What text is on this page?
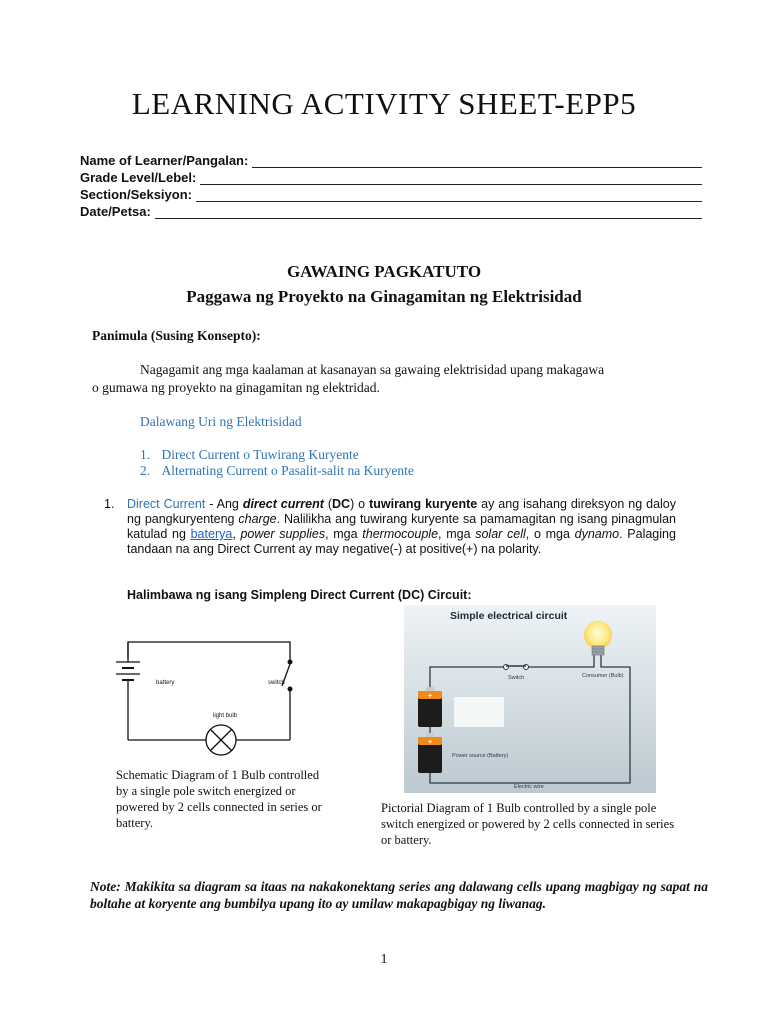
LEARNING ACTIVITY SHEET-EPP5
Name of Learner/Pangalan:
Grade Level/Lebel:
Section/Seksiyon:
Date/Petsa:
GAWAING PAGKATUTO
Paggawa ng Proyekto na Ginagamitan ng Elektrisidad
Panimula (Susing Konsepto):
Nagagamit ang mga kaalaman at kasanayan sa gawaing elektrisidad upang makagawa
o gumawa ng proyekto na ginagamitan ng elektridad.
Dalawang Uri ng Elektrisidad
1. Direct Current o Tuwirang Kuryente
2. Alternating Current o Pasalit-salit na Kuryente
1. Direct Current - Ang direct current (DC) o tuwirang kuryente ay ang isahang direksyon ng daloy ng pangkuryenteng charge. Nalilikha ang tuwirang kuryente sa pamamagitan ng isang pinagmulan katulad ng baterya, power supplies, mga thermocouple, mga solar cell, o mga dynamo. Palaging tandaan na ang Direct Current ay may negative(-) at positive(+) na polarity.
Halimbawa ng isang Simpleng Direct Current (DC) Circuit:
battery	switch
light bulb
Schematic Diagram of 1 Bulb controlled by a single pole switch energized or powered by 2 cells connected in series or battery.
Simple electrical circuit
Switch	Consumer (Bulb)
+
+
Power source (Battery)
Electric wire
Pictorial Diagram of 1 Bulb controlled by a single pole switch energized or powered by 2 cells connected in series or battery.
Note: Makikita sa diagram sa itaas na nakakonektang series ang dalawang cells upang magbigay ng sapat na boltahe at koryente ang bumbilya upang ito ay umilaw makapagbigay ng liwanag.
1
